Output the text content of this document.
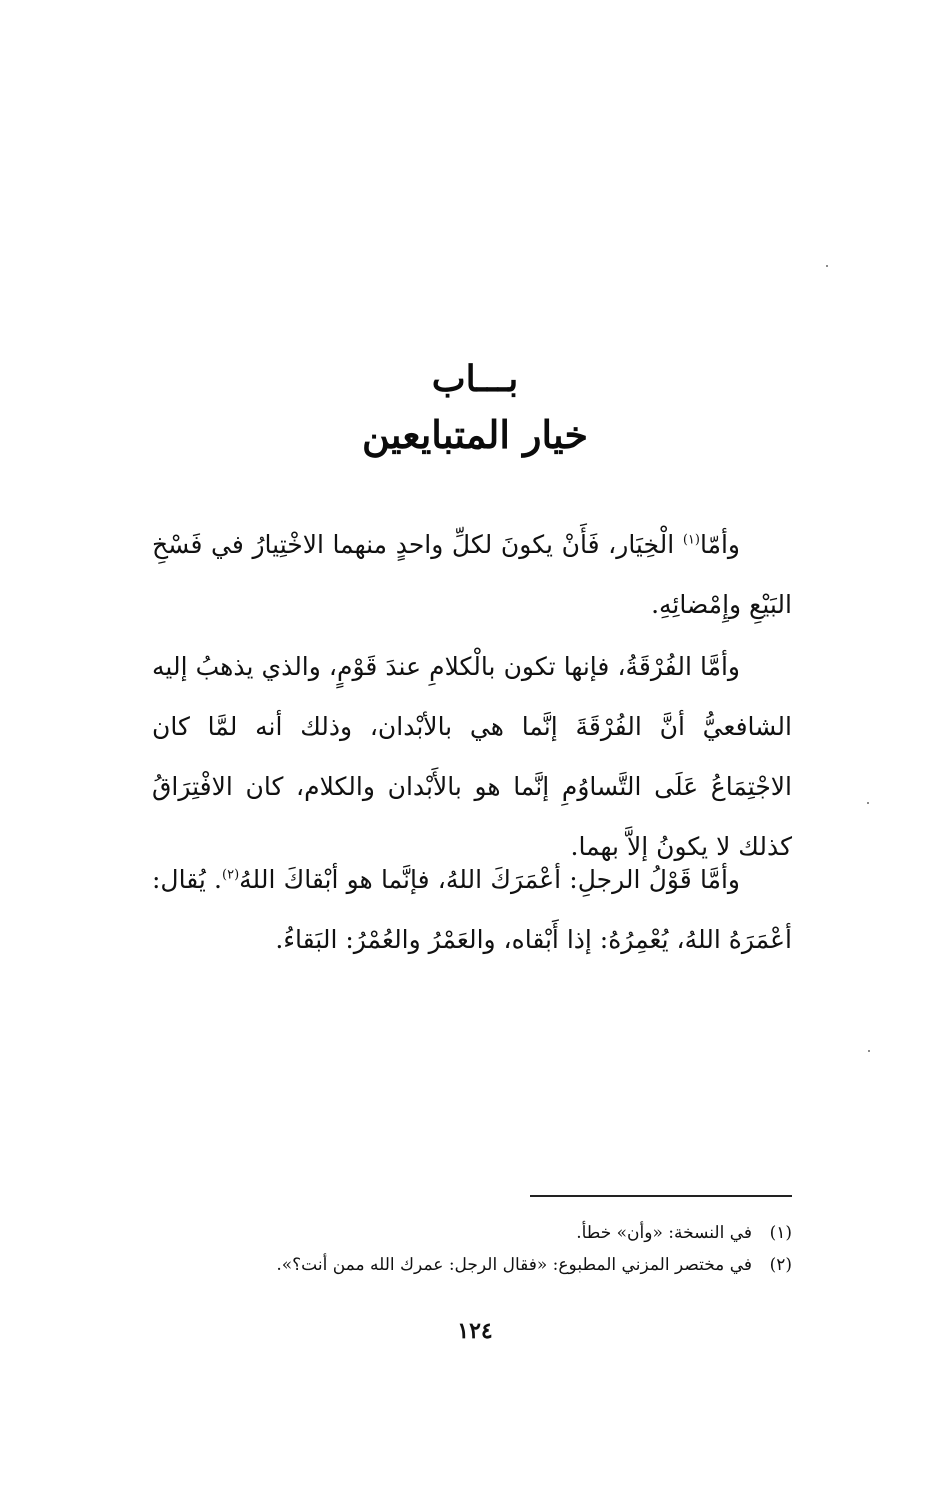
بـــاب
خيار المتبايعين

وأمّا$^{(١)}$ الْخِيَار، فَأَنْ يكونَ لكلِّ واحدٍ منهما الاخْتِيارُ في فَسْخِ البَيْعِ وإِمْضائِهِ.

وأمَّا الفُرْقَةُ، فإنها تكون بالْكلامِ عندَ قَوْمٍ، والذي يذهبُ إليه الشافعيُّ أنَّ الفُرْقَةَ إنَّما هي بالأبْدان، وذلك أنه لمَّا كان الاجْتِمَاعُ عَلَى التَّساوُمِ إنَّما هو بالأَبْدان والكلام، كان الافْتِرَاقُ كذلك لا يكونُ إلاَّ بهما.

وأمَّا قَوْلُ الرجلِ: أعْمَرَكَ اللهُ، فإنَّما هو أبْقاكَ اللهُ$^{(٢)}$. يُقال: أعْمَرَهُ اللهُ، يُعْمِرُهُ: إذا أَبْقاه، والعَمْرُ والعُمْرُ: البَقاءُ.

(١)
في النسخة: «وأن» خطأ.
(٢)
في مختصر المزني المطبوع: «فقال الرجل: عمرك الله ممن أنت؟».
١٢٤
